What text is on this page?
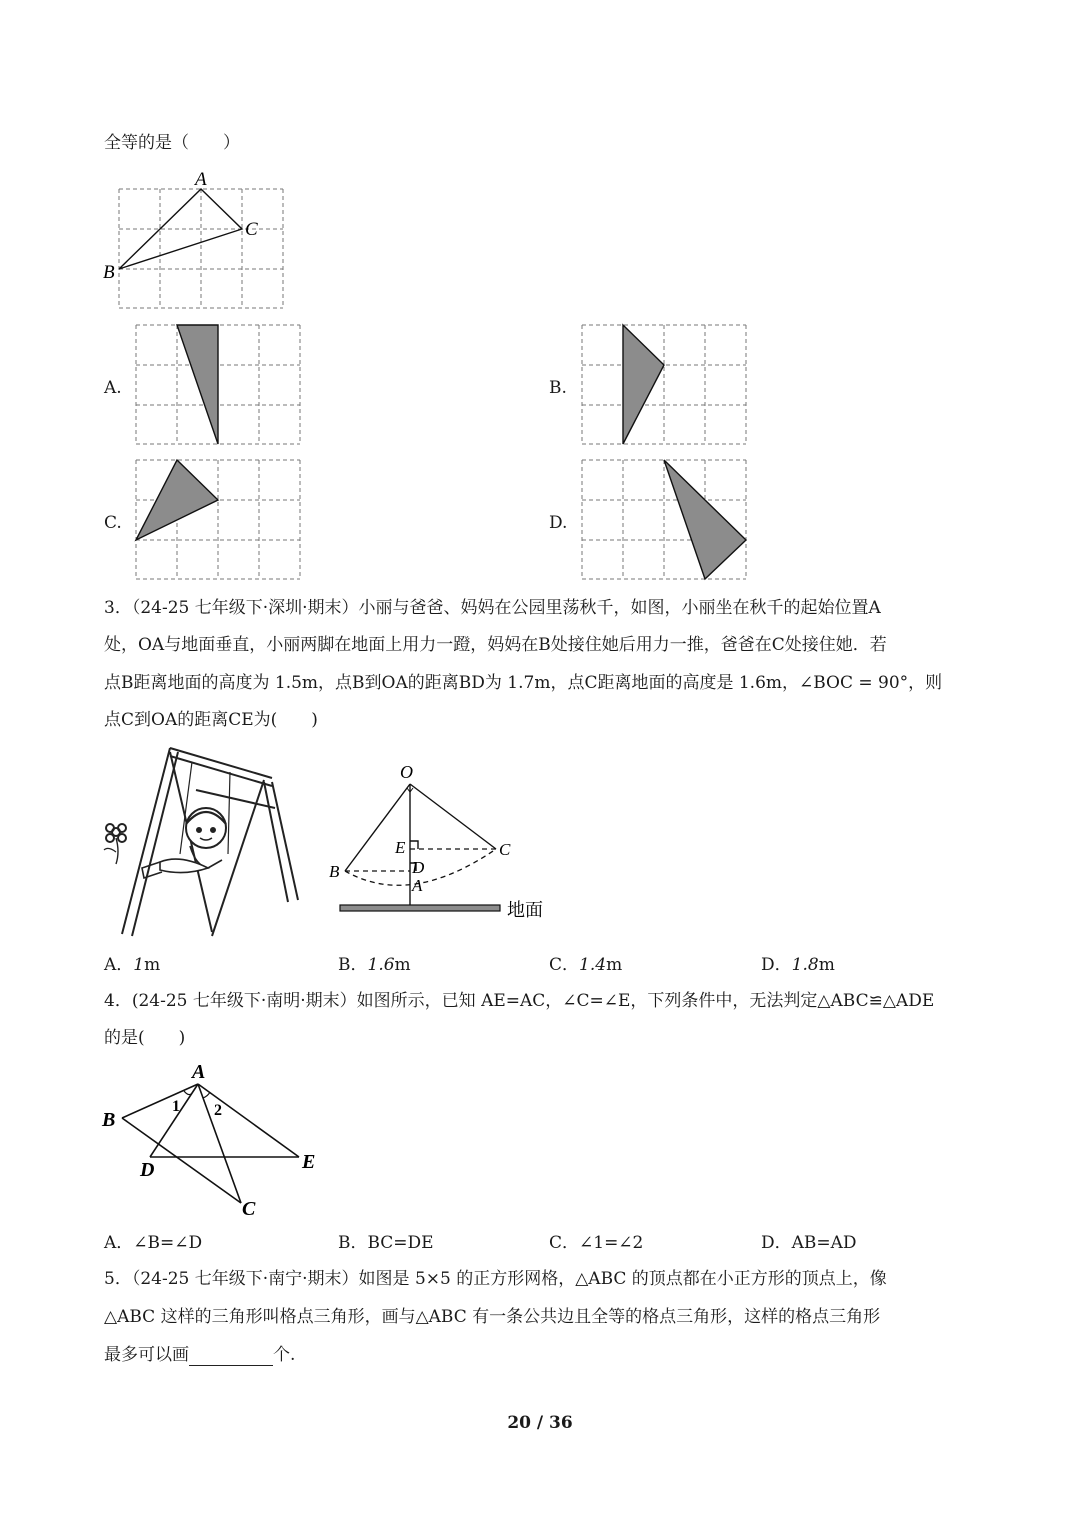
全等的是（　　）
A
C
B
A.	B.
C.	D.
3．（24-25 七年级下·深圳·期末）小丽与爸爸、妈妈在公园里荡秋千，如图，小丽坐在秋千的起始位置A
处，OA与地面垂直，小丽两脚在地面上用力一蹬，妈妈在B处接住她后用力一推，爸爸在C处接住她．若
点B距离地面的高度为 1.5m，点B到OA的距离BD为 1.7m，点C距离地面的高度是 1.6m，∠BOC = 90°，则
点C到OA的距离CE为(　　)
O
E
D
A
B
C
地面
A．1m	B．1.6m	C．1.4m	D．1.8m
4．(24-25 七年级下·南明·期末）如图所示，已知 AE=AC，∠C=∠E，下列条件中，无法判定△ABC≌△ADE
的是(　　)
A
B
D	E
C
1 2
A．∠B=∠D	B．BC=DE	C．∠1=∠2	D．AB=AD
5．（24-25 七年级下·南宁·期末）如图是 5×5 的正方形网格，△ABC 的顶点都在小正方形的顶点上，像
△ABC 这样的三角形叫格点三角形，画与△ABC 有一条公共边且全等的格点三角形，这样的格点三角形
最多可以画	个.
20 / 36
